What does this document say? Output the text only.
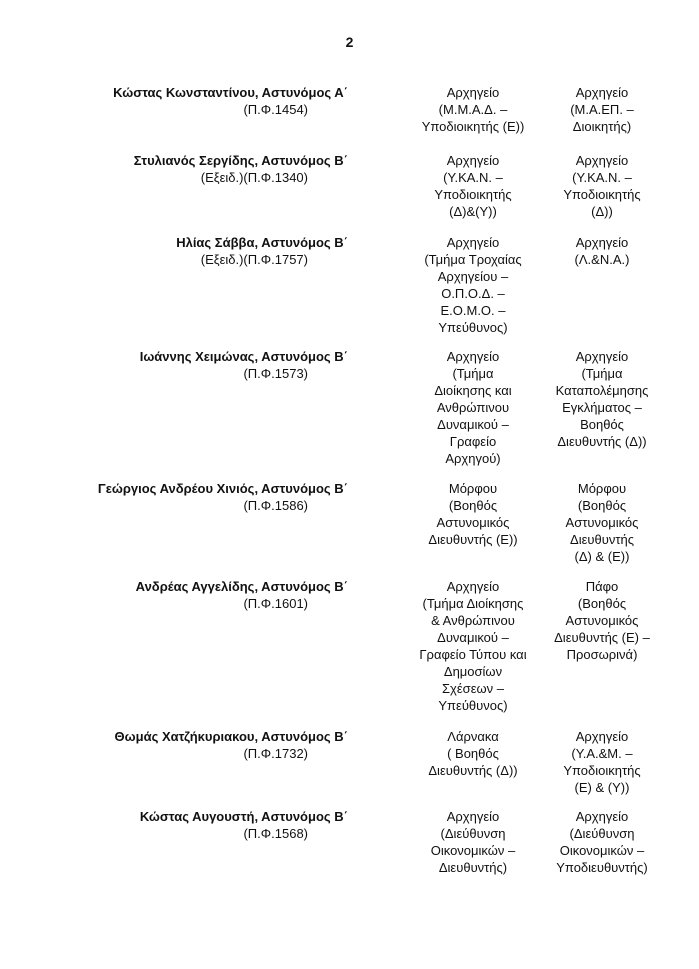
2
Κώστας Κωνσταντίνου, Αστυνόμος Α΄
(Π.Φ.1454)
Αρχηγείο
(Μ.Μ.Α.Δ. –
Υποδιοικητής (Ε))
Αρχηγείο
(Μ.Α.ΕΠ. –
Διοικητής)
Στυλιανός Σεργίδης, Αστυνόμος Β΄
(Εξειδ.)(Π.Φ.1340)
Αρχηγείο
(Υ.ΚΑ.Ν. –
Υποδιοικητής
(Δ)&(Υ))
Αρχηγείο
(Υ.ΚΑ.Ν. –
Υποδιοικητής
(Δ))
Ηλίας Σάββα, Αστυνόμος Β΄
(Εξειδ.)(Π.Φ.1757)
Αρχηγείο
(Τμήμα Τροχαίας
Αρχηγείου –
Ο.Π.Ο.Δ. –
Ε.Ο.Μ.Ο. –
Υπεύθυνος)
Αρχηγείο
(Λ.&Ν.Α.)
Ιωάννης Χειμώνας, Αστυνόμος Β΄
(Π.Φ.1573)
Αρχηγείο
(Τμήμα
Διοίκησης και
Ανθρώπινου
Δυναμικού –
Γραφείο
Αρχηγού)
Αρχηγείο
(Τμήμα
Καταπολέμησης
Εγκλήματος –
Βοηθός
Διευθυντής (Δ))
Γεώργιος Ανδρέου Χινιός, Αστυνόμος Β΄
(Π.Φ.1586)
Μόρφου
(Βοηθός
Αστυνομικός
Διευθυντής (Ε))
Μόρφου
(Βοηθός
Αστυνομικός
Διευθυντής
(Δ) & (Ε))
Ανδρέας Αγγελίδης, Αστυνόμος Β΄
(Π.Φ.1601)
Αρχηγείο
(Τμήμα Διοίκησης
& Ανθρώπινου
Δυναμικού –
Γραφείο Τύπου και
Δημοσίων
Σχέσεων –
Υπεύθυνος)
Πάφο
(Βοηθός
Αστυνομικός
Διευθυντής (Ε) –
Προσωρινά)
Θωμάς Χατζήκυριακου, Αστυνόμος Β΄
(Π.Φ.1732)
Λάρνακα
( Βοηθός
Διευθυντής (Δ))
Αρχηγείο
(Υ.Α.&Μ. –
Υποδιοικητής
(Ε) & (Υ))
Κώστας Αυγουστή, Αστυνόμος Β΄
(Π.Φ.1568)
Αρχηγείο
(Διεύθυνση
Οικονομικών –
Διευθυντής)
Αρχηγείο
(Διεύθυνση
Οικονομικών –
Υποδιευθυντής)
